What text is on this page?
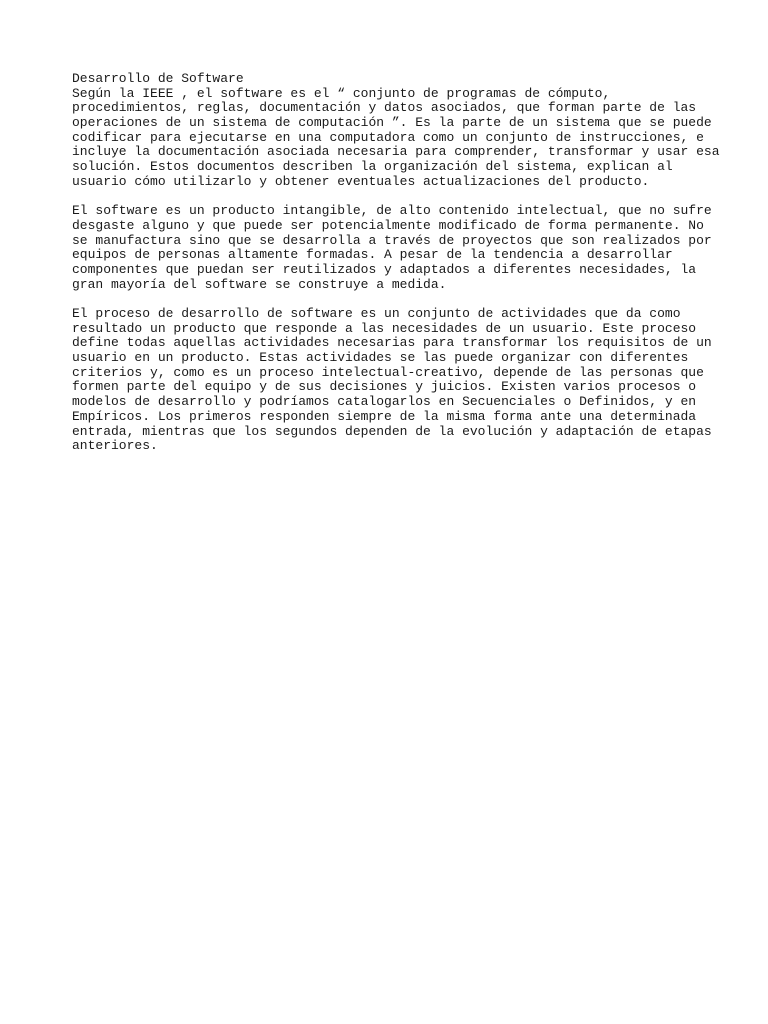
Desarrollo de Software
Según la IEEE , el software es el “ conjunto de programas de cómputo,
procedimientos, reglas, documentación y datos asociados, que forman parte de las
operaciones de un sistema de computación ”. Es la parte de un sistema que se puede
codificar para ejecutarse en una computadora como un conjunto de instrucciones, e
incluye la documentación asociada necesaria para comprender, transformar y usar esa
solución. Estos documentos describen la organización del sistema, explican al
usuario cómo utilizarlo y obtener eventuales actualizaciones del producto.
El software es un producto intangible, de alto contenido intelectual, que no sufre
desgaste alguno y que puede ser potencialmente modificado de forma permanente. No
se manufactura sino que se desarrolla a través de proyectos que son realizados por
equipos de personas altamente formadas. A pesar de la tendencia a desarrollar
componentes que puedan ser reutilizados y adaptados a diferentes necesidades, la
gran mayoría del software se construye a medida.
El proceso de desarrollo de software es un conjunto de actividades que da como
resultado un producto que responde a las necesidades de un usuario. Este proceso
define todas aquellas actividades necesarias para transformar los requisitos de un
usuario en un producto. Estas actividades se las puede organizar con diferentes
criterios y, como es un proceso intelectual-creativo, depende de las personas que
formen parte del equipo y de sus decisiones y juicios. Existen varios procesos o
modelos de desarrollo y podríamos catalogarlos en Secuenciales o Definidos, y en
Empíricos. Los primeros responden siempre de la misma forma ante una determinada
entrada, mientras que los segundos dependen de la evolución y adaptación de etapas
anteriores.
